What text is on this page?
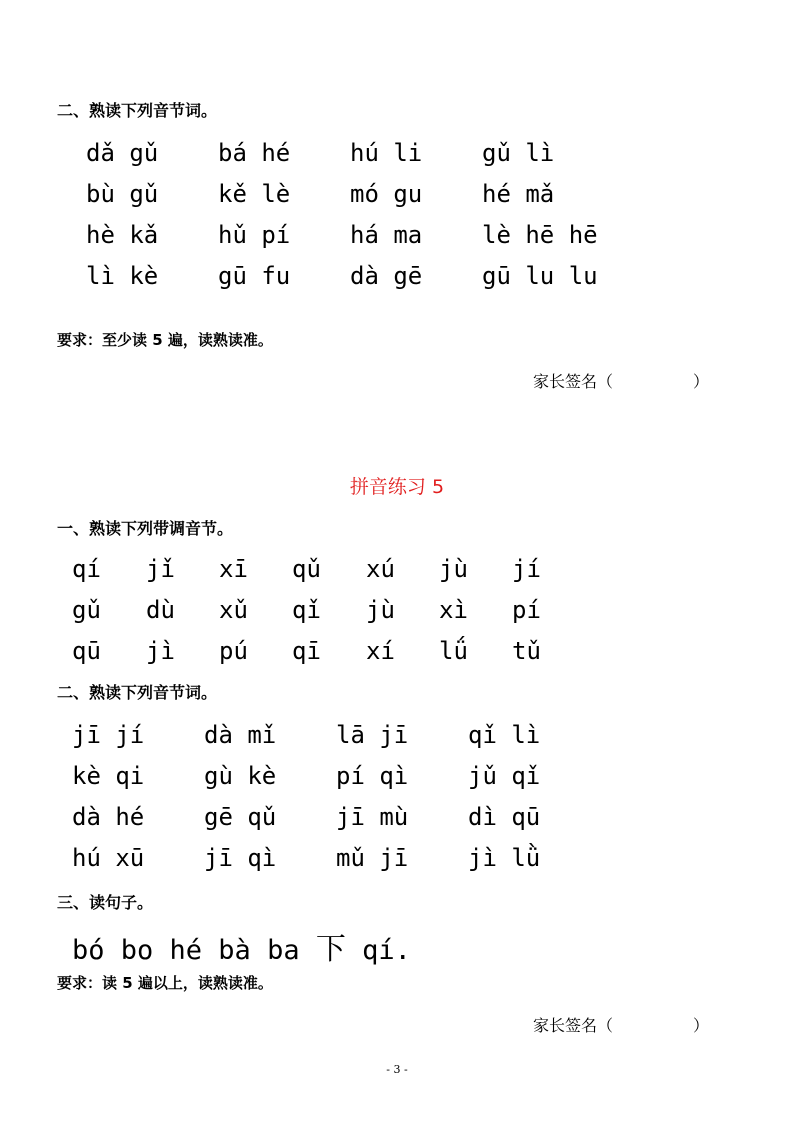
二、熟读下列音节词。
dǎ gǔ bá hé hú li gǔ lì
bù gǔ kě lè mó gu hé mǎ
hè kǎ hǔ pí há ma lè hē hē
lì kè gū fu dà gē gū lu lu
要求：至少读 5 遍，读熟读准。
家长签名（　　　　　）
拼音练习 5
一、熟读下列带调音节。
qí jǐ xī qǔ xú jù jí
gǔ dù xǔ qǐ jù xì pí
qū jì pú qī xí lǘ tǔ
二、熟读下列音节词。
jī jí dà mǐ lā jī qǐ lì
kè qi gù kè pí qì jǔ qǐ
dà hé gē qǔ jī mù dì qū
hú xū jī qì mǔ jī jì lǜ
三、读句子。
bó bo hé bà ba 下 qí.
要求：读 5 遍以上，读熟读准。
家长签名（　　　　　）
- 3 -
